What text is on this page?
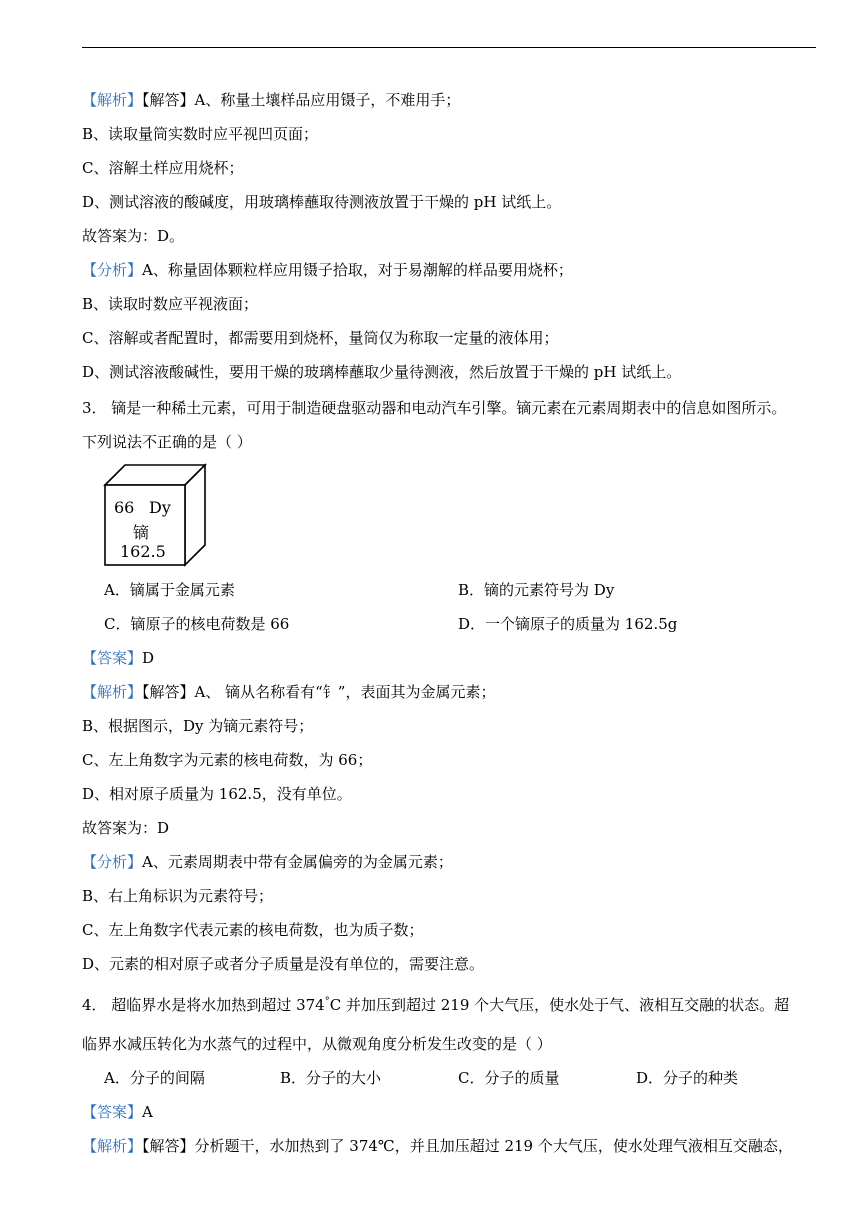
【解析】【解答】A、称量土壤样品应用镊子，不难用手；
B、读取量筒实数时应平视凹页面；
C、溶解土样应用烧杯；
D、测试溶液的酸碱度，用玻璃棒蘸取待测液放置于干燥的 pH 试纸上。
故答案为：D。
【分析】A、称量固体颗粒样应用镊子拾取，对于易潮解的样品要用烧杯；
B、读取时数应平视液面；
C、溶解或者配置时，都需要用到烧杯，量筒仅为称取一定量的液体用；
D、测试溶液酸碱性，要用干燥的玻璃棒蘸取少量待测液，然后放置于干燥的 pH 试纸上。
3． 镝是一种稀土元素，可用于制造硬盘驱动器和电动汽车引擎。镝元素在元素周期表中的信息如图所示。
下列说法不正确的是（ ）
66 Dy
镝
162.5
A．镝属于金属元素	B．镝的元素符号为 Dy
C．镝原子的核电荷数是 66	D．一个镝原子的质量为 162.5g
【答案】D
【解析】【解答】A、 镝从名称看有“钅”，表面其为金属元素；
B、根据图示，Dy 为镝元素符号；
C、左上角数字为元素的核电荷数，为 66；
D、相对原子质量为 162.5，没有单位。
故答案为：D
【分析】A、元素周期表中带有金属偏旁的为金属元素；
B、右上角标识为元素符号；
C、左上角数字代表元素的核电荷数，也为质子数；
D、元素的相对原子或者分子质量是没有单位的，需要注意。
4． 超临界水是将水加热到超过 374°C 并加压到超过 219 个大气压，使水处于气、液相互交融的状态。超
临界水减压转化为水蒸气的过程中，从微观角度分析发生改变的是（ ）
A．分子的间隔	B．分子的大小	C．分子的质量	D．分子的种类
【答案】A
【解析】【解答】分析题干，水加热到了 374℃，并且加压超过 219 个大气压，使水处理气液相互交融态，
